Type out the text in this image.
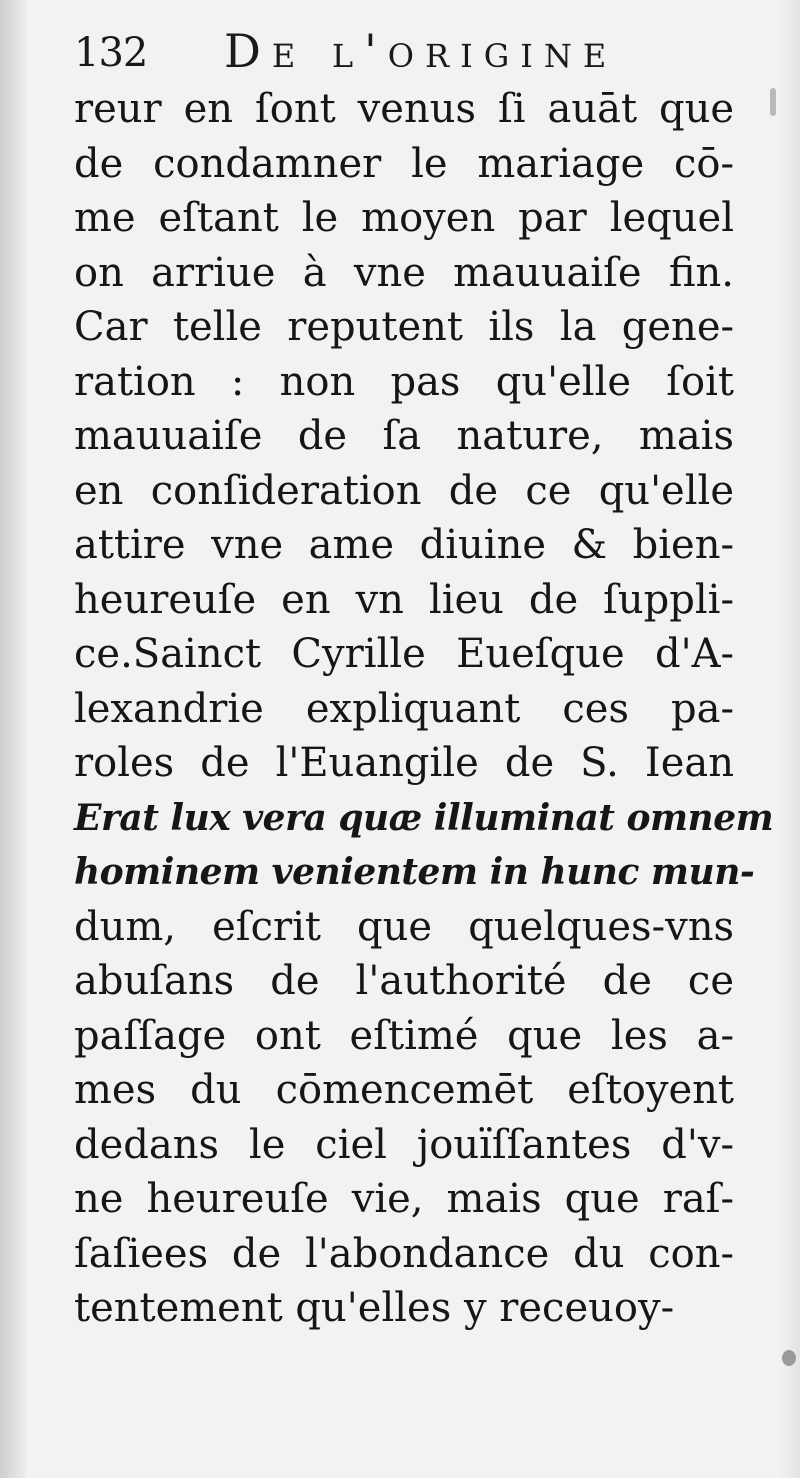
132 De l'origine
reur en ſont venus ſi auāt que
de condamner le mariage cō-
me eſtant le moyen par lequel
on arriue à vne mauuaiſe fin.
Car telle reputent ils la gene-
ration : non pas qu'elle ſoit
mauuaiſe de ſa nature, mais
en conſideration de ce qu'elle
attire vne ame diuine & bien-
heureuſe en vn lieu de ſuppli-
ce.Sainct Cyrille Eueſque d'A-
lexandrie expliquant ces pa-
roles de l'Euangile de S. Iean
Erat lux vera quæ illuminat omnem
hominem venientem in hunc mun-
dum, eſcrit que quelques-vns
abuſans de l'authorité de ce
paſſage ont eſtimé que les a-
mes du cōmencemēt eſtoyent
dedans le ciel jouïſſantes d'v-
ne heureuſe vie, mais que raſ-
ſaſiees de l'abondance du con-
tentement qu'elles y receuoy-
